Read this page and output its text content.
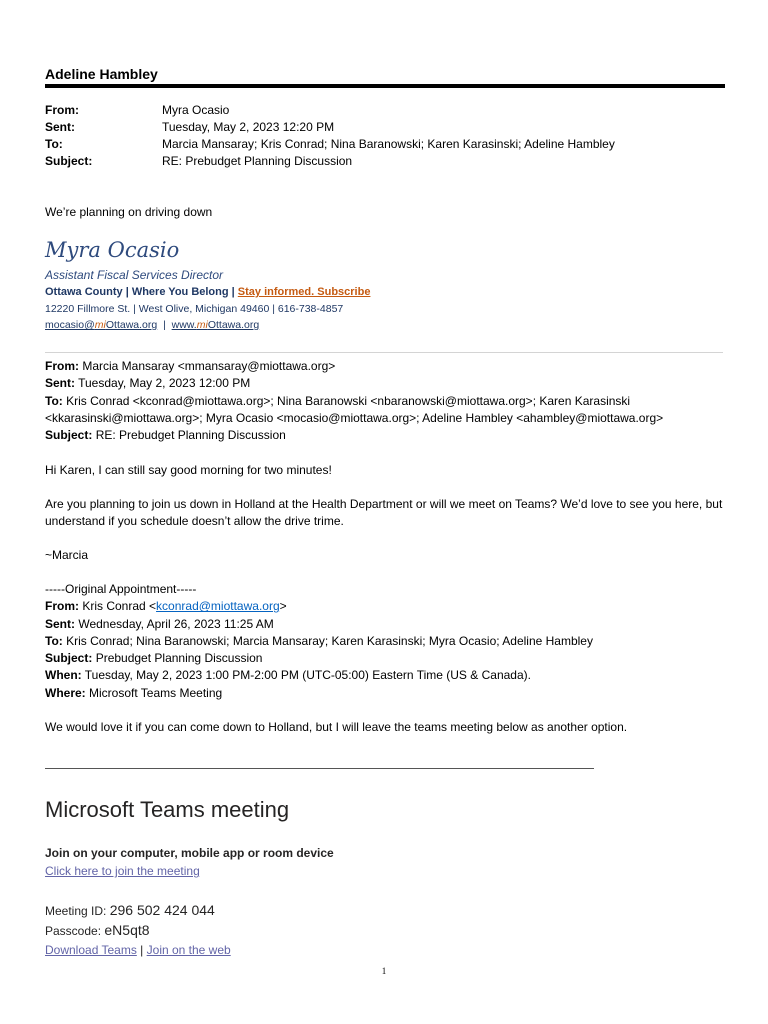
Adeline Hambley
From:	Myra Ocasio
Sent:	Tuesday, May 2, 2023 12:20 PM
To:	Marcia Mansaray; Kris Conrad; Nina Baranowski; Karen Karasinski; Adeline Hambley
Subject:	RE: Prebudget Planning Discussion
We’re planning on driving down
Myra Ocasio
Assistant Fiscal Services Director
Ottawa County | Where You Belong | Stay informed. Subscribe
12220 Fillmore St. | West Olive, Michigan 49460 | 616-738-4857
mocasio@miOttawa.org | www.miOttawa.org
From: Marcia Mansaray <mmansaray@miottawa.org>
Sent: Tuesday, May 2, 2023 12:00 PM
To: Kris Conrad <kconrad@miottawa.org>; Nina Baranowski <nbaranowski@miottawa.org>; Karen Karasinski <kkarasinski@miottawa.org>; Myra Ocasio <mocasio@miottawa.org>; Adeline Hambley <ahambley@miottawa.org>
Subject: RE: Prebudget Planning Discussion
Hi Karen, I can still say good morning for two minutes!
Are you planning to join us down in Holland at the Health Department or will we meet on Teams? We’d love to see you here, but understand if you schedule doesn’t allow the drive trime.
~Marcia
-----Original Appointment-----
From: Kris Conrad <kconrad@miottawa.org>
Sent: Wednesday, April 26, 2023 11:25 AM
To: Kris Conrad; Nina Baranowski; Marcia Mansaray; Karen Karasinski; Myra Ocasio; Adeline Hambley
Subject: Prebudget Planning Discussion
When: Tuesday, May 2, 2023 1:00 PM-2:00 PM (UTC-05:00) Eastern Time (US & Canada).
Where: Microsoft Teams Meeting
We would love it if you can come down to Holland, but I will leave the teams meeting below as another option.
Microsoft Teams meeting
Join on your computer, mobile app or room device
Click here to join the meeting
Meeting ID: 296 502 424 044
Passcode: eN5qt8
Download Teams | Join on the web
1
